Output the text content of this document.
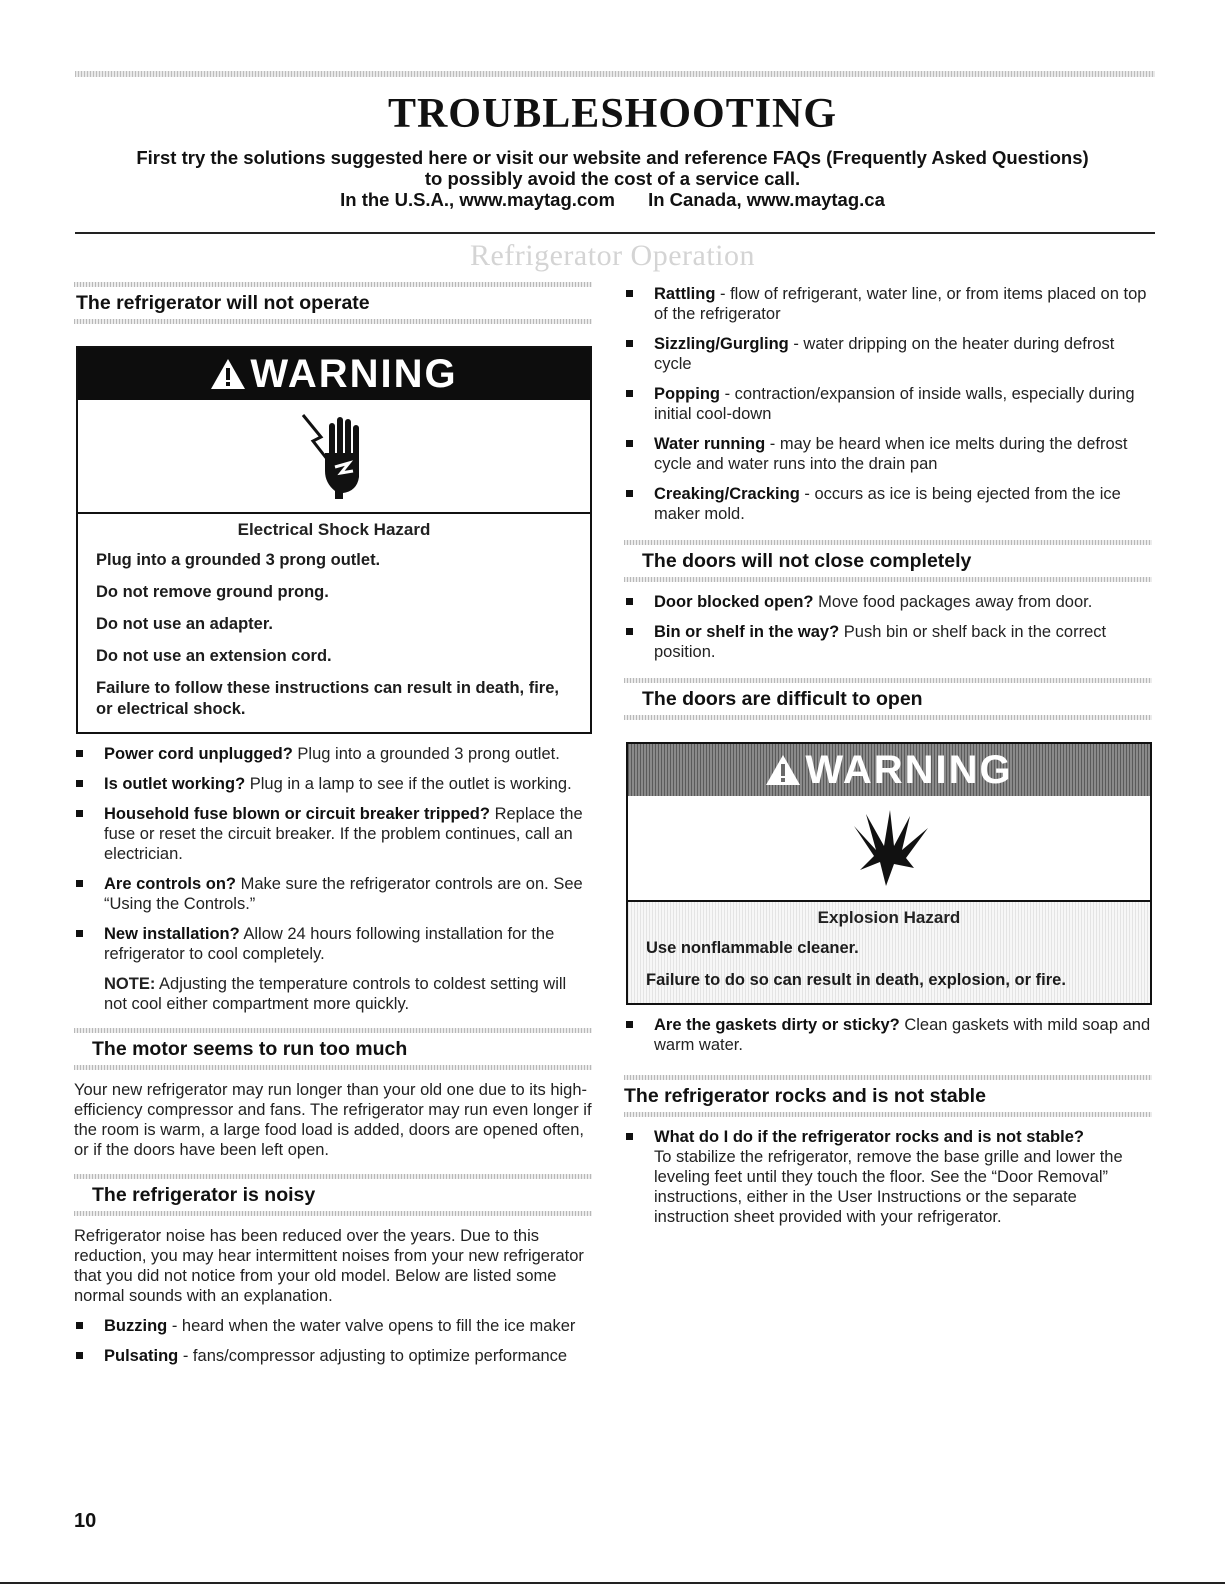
TROUBLESHOOTING
First try the solutions suggested here or visit our website and reference FAQs (Frequently Asked Questions)
to possibly avoid the cost of a service call.
In the U.S.A., www.maytag.com In Canada, www.maytag.ca
Refrigerator Operation
The refrigerator will not operate
WARNING
Electrical Shock Hazard
Plug into a grounded 3 prong outlet.
Do not remove ground prong.
Do not use an adapter.
Do not use an extension cord.
Failure to follow these instructions can result in death, fire, or electrical shock.
Power cord unplugged? Plug into a grounded 3 prong outlet.
Is outlet working? Plug in a lamp to see if the outlet is working.
Household fuse blown or circuit breaker tripped? Replace the fuse or reset the circuit breaker. If the problem continues, call an electrician.
Are controls on? Make sure the refrigerator controls are on. See “Using the Controls.”
New installation? Allow 24 hours following installation for the refrigerator to cool completely.
NOTE: Adjusting the temperature controls to coldest setting will not cool either compartment more quickly.
The motor seems to run too much

Your new refrigerator may run longer than your old one due to its high-efficiency compressor and fans. The refrigerator may run even longer if the room is warm, a large food load is added, doors are opened often, or if the doors have been left open.

The refrigerator is noisy

Refrigerator noise has been reduced over the years. Due to this reduction, you may hear intermittent noises from your new refrigerator that you did not notice from your old model. Below are listed some normal sounds with an explanation.

Buzzing - heard when the water valve opens to fill the ice maker
Pulsating - fans/compressor adjusting to optimize performance
Rattling - flow of refrigerant, water line, or from items placed on top of the refrigerator
Sizzling/Gurgling - water dripping on the heater during defrost cycle
Popping - contraction/expansion of inside walls, especially during initial cool-down
Water running - may be heard when ice melts during the defrost cycle and water runs into the drain pan
Creaking/Cracking - occurs as ice is being ejected from the ice maker mold.
The doors will not close completely
Door blocked open? Move food packages away from door.
Bin or shelf in the way? Push bin or shelf back in the correct position.
The doors are difficult to open
WARNING
Explosion Hazard
Use nonflammable cleaner.
Failure to do so can result in death, explosion, or fire.
Are the gaskets dirty or sticky? Clean gaskets with mild soap and warm water.
The refrigerator rocks and is not stable
What do I do if the refrigerator rocks and is not stable?
To stabilize the refrigerator, remove the base grille and lower the leveling feet until they touch the floor. See the “Door Removal” instructions, either in the User Instructions or the separate instruction sheet provided with your refrigerator.
10
